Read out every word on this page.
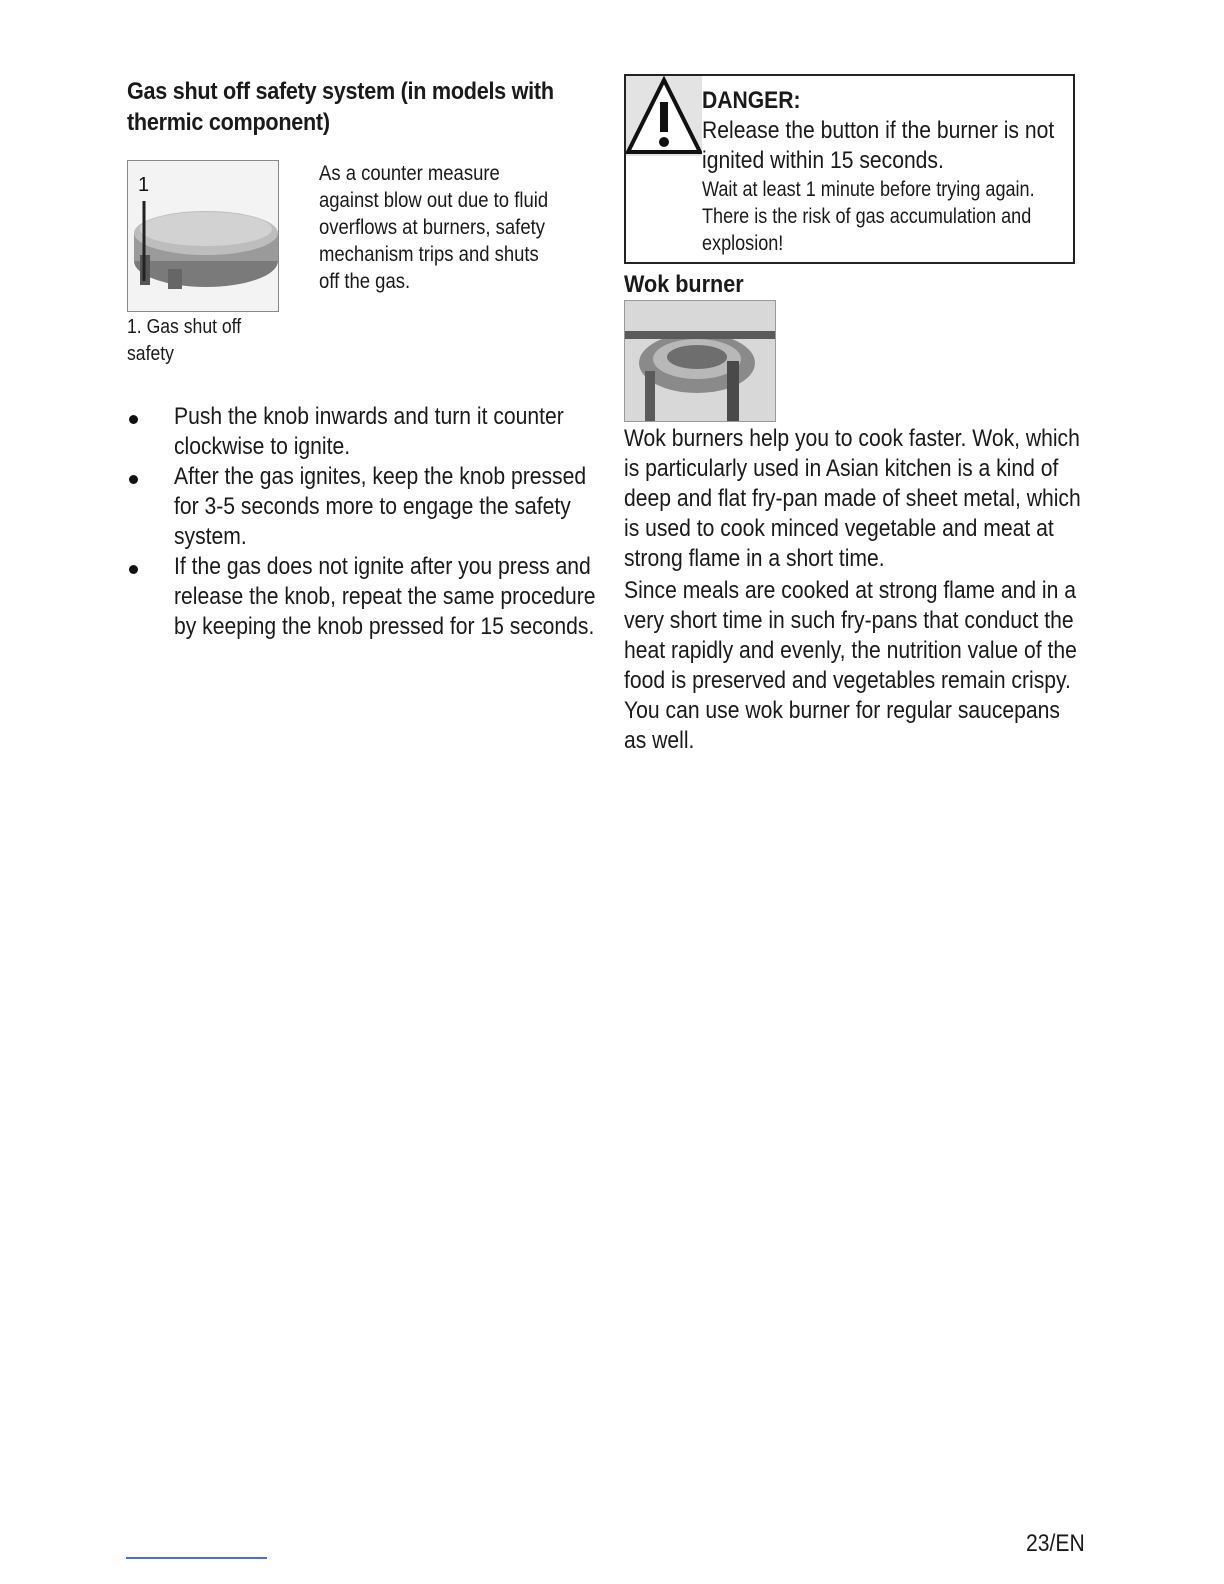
Gas shut off safety system (in models with thermic component)
1
1. Gas shut off safety
As a counter measure against blow out due to fluid overflows at burners, safety mechanism trips and shuts off the gas.
Push the knob inwards and turn it counter clockwise to ignite.
After the gas ignites, keep the knob pressed for 3-5 seconds more to engage the safety system.
If the gas does not ignite after you press and release the knob, repeat the same procedure by keeping the knob pressed for 15 seconds.
DANGER:
Release the button if the burner is not ignited within 15 seconds.
Wait at least 1 minute before trying again. There is the risk of gas accumulation and explosion!
Wok burner
Wok burners help you to cook faster. Wok, which is particularly used in Asian kitchen is a kind of deep and flat fry-pan made of sheet metal, which is used to cook minced vegetable and meat at strong flame in a short time.
Since meals are cooked at strong flame and in a very short time in such fry-pans that conduct the heat rapidly and evenly, the nutrition value of the food is preserved and vegetables remain crispy. You can use wok burner for regular saucepans as well.
23/EN
